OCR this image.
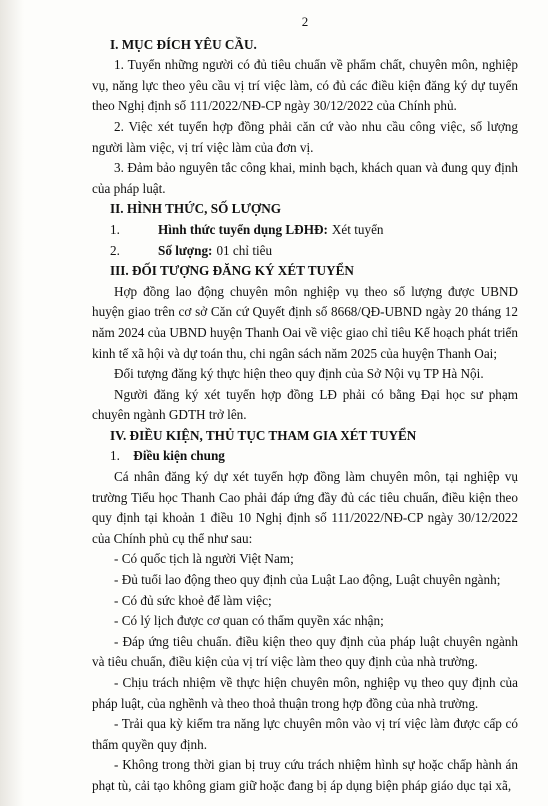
2

I. MỤC ĐÍCH YÊU CẦU.

1. Tuyển những người có đủ tiêu chuẩn về phẩm chất, chuyên môn, nghiệp vụ, năng lực theo yêu cầu vị trí việc làm, có đủ các điều kiện đăng ký dự tuyển theo Nghị định số 111/2022/NĐ-CP ngày 30/12/2022 của Chính phủ.

2. Việc xét tuyển hợp đồng phải căn cứ vào nhu cầu công việc, số lượng người làm việc, vị trí việc làm của đơn vị.

3. Đảm bảo nguyên tắc công khai, minh bạch, khách quan và đung quy định của pháp luật.

II. HÌNH THỨC, SỐ LƯỢNG

1.	Hình thức tuyển dụng LĐHĐ: Xét tuyển
2.	Số lượng: 01 chỉ tiêu

III. ĐỐI TƯỢNG ĐĂNG KÝ XÉT TUYỂN

Hợp đồng lao động chuyên môn nghiệp vụ theo số lượng được UBND huyện giao trên cơ sở Căn cứ Quyết định số 8668/QĐ-UBND ngày 20 tháng 12 năm 2024 của UBND huyện Thanh Oai về việc giao chỉ tiêu Kế hoạch phát triển kinh tế xã hội và dự toán thu, chi ngân sách năm 2025 của huyện Thanh Oai;

Đối tượng đăng ký thực hiện theo quy định của Sở Nội vụ TP Hà Nội.

Người đăng ký xét tuyển hợp đồng LĐ phải có bằng Đại học sư phạm chuyên ngành GDTH trở lên.

IV. ĐIỀU KIỆN, THỦ TỤC THAM GIA XÉT TUYỂN

1. Điều kiện chung

Cá nhân đăng ký dự xét tuyển hợp đồng làm chuyên môn, tại nghiệp vụ trường Tiểu học Thanh Cao phải đáp ứng đầy đủ các tiêu chuẩn, điều kiện theo quy định tại khoản 1 điều 10 Nghị định số 111/2022/NĐ-CP ngày 30/12/2022 của Chính phủ cụ thể như sau:

- Có quốc tịch là người Việt Nam;

- Đủ tuổi lao động theo quy định của Luật Lao động, Luật chuyên ngành;

- Có đủ sức khoẻ để làm việc;

- Có lý lịch được cơ quan có thẩm quyền xác nhận;

- Đáp ứng tiêu chuẩn. điều kiện theo quy định của pháp luật chuyên ngành và tiêu chuẩn, điều kiện của vị trí việc làm theo quy định của nhà trường.

- Chịu trách nhiệm về thực hiện chuyên môn, nghiệp vụ theo quy định của pháp luật, của nghềnh và theo thoả thuận trong hợp đồng của nhà trường.

- Trải qua kỳ kiểm tra năng lực chuyên môn vào vị trí việc làm được cấp có thẩm quyền quy định.

- Không trong thời gian bị truy cứu trách nhiệm hình sự hoặc chấp hành án phạt tù, cải tạo không giam giữ hoặc đang bị áp dụng biện pháp giáo dục tại xã,
